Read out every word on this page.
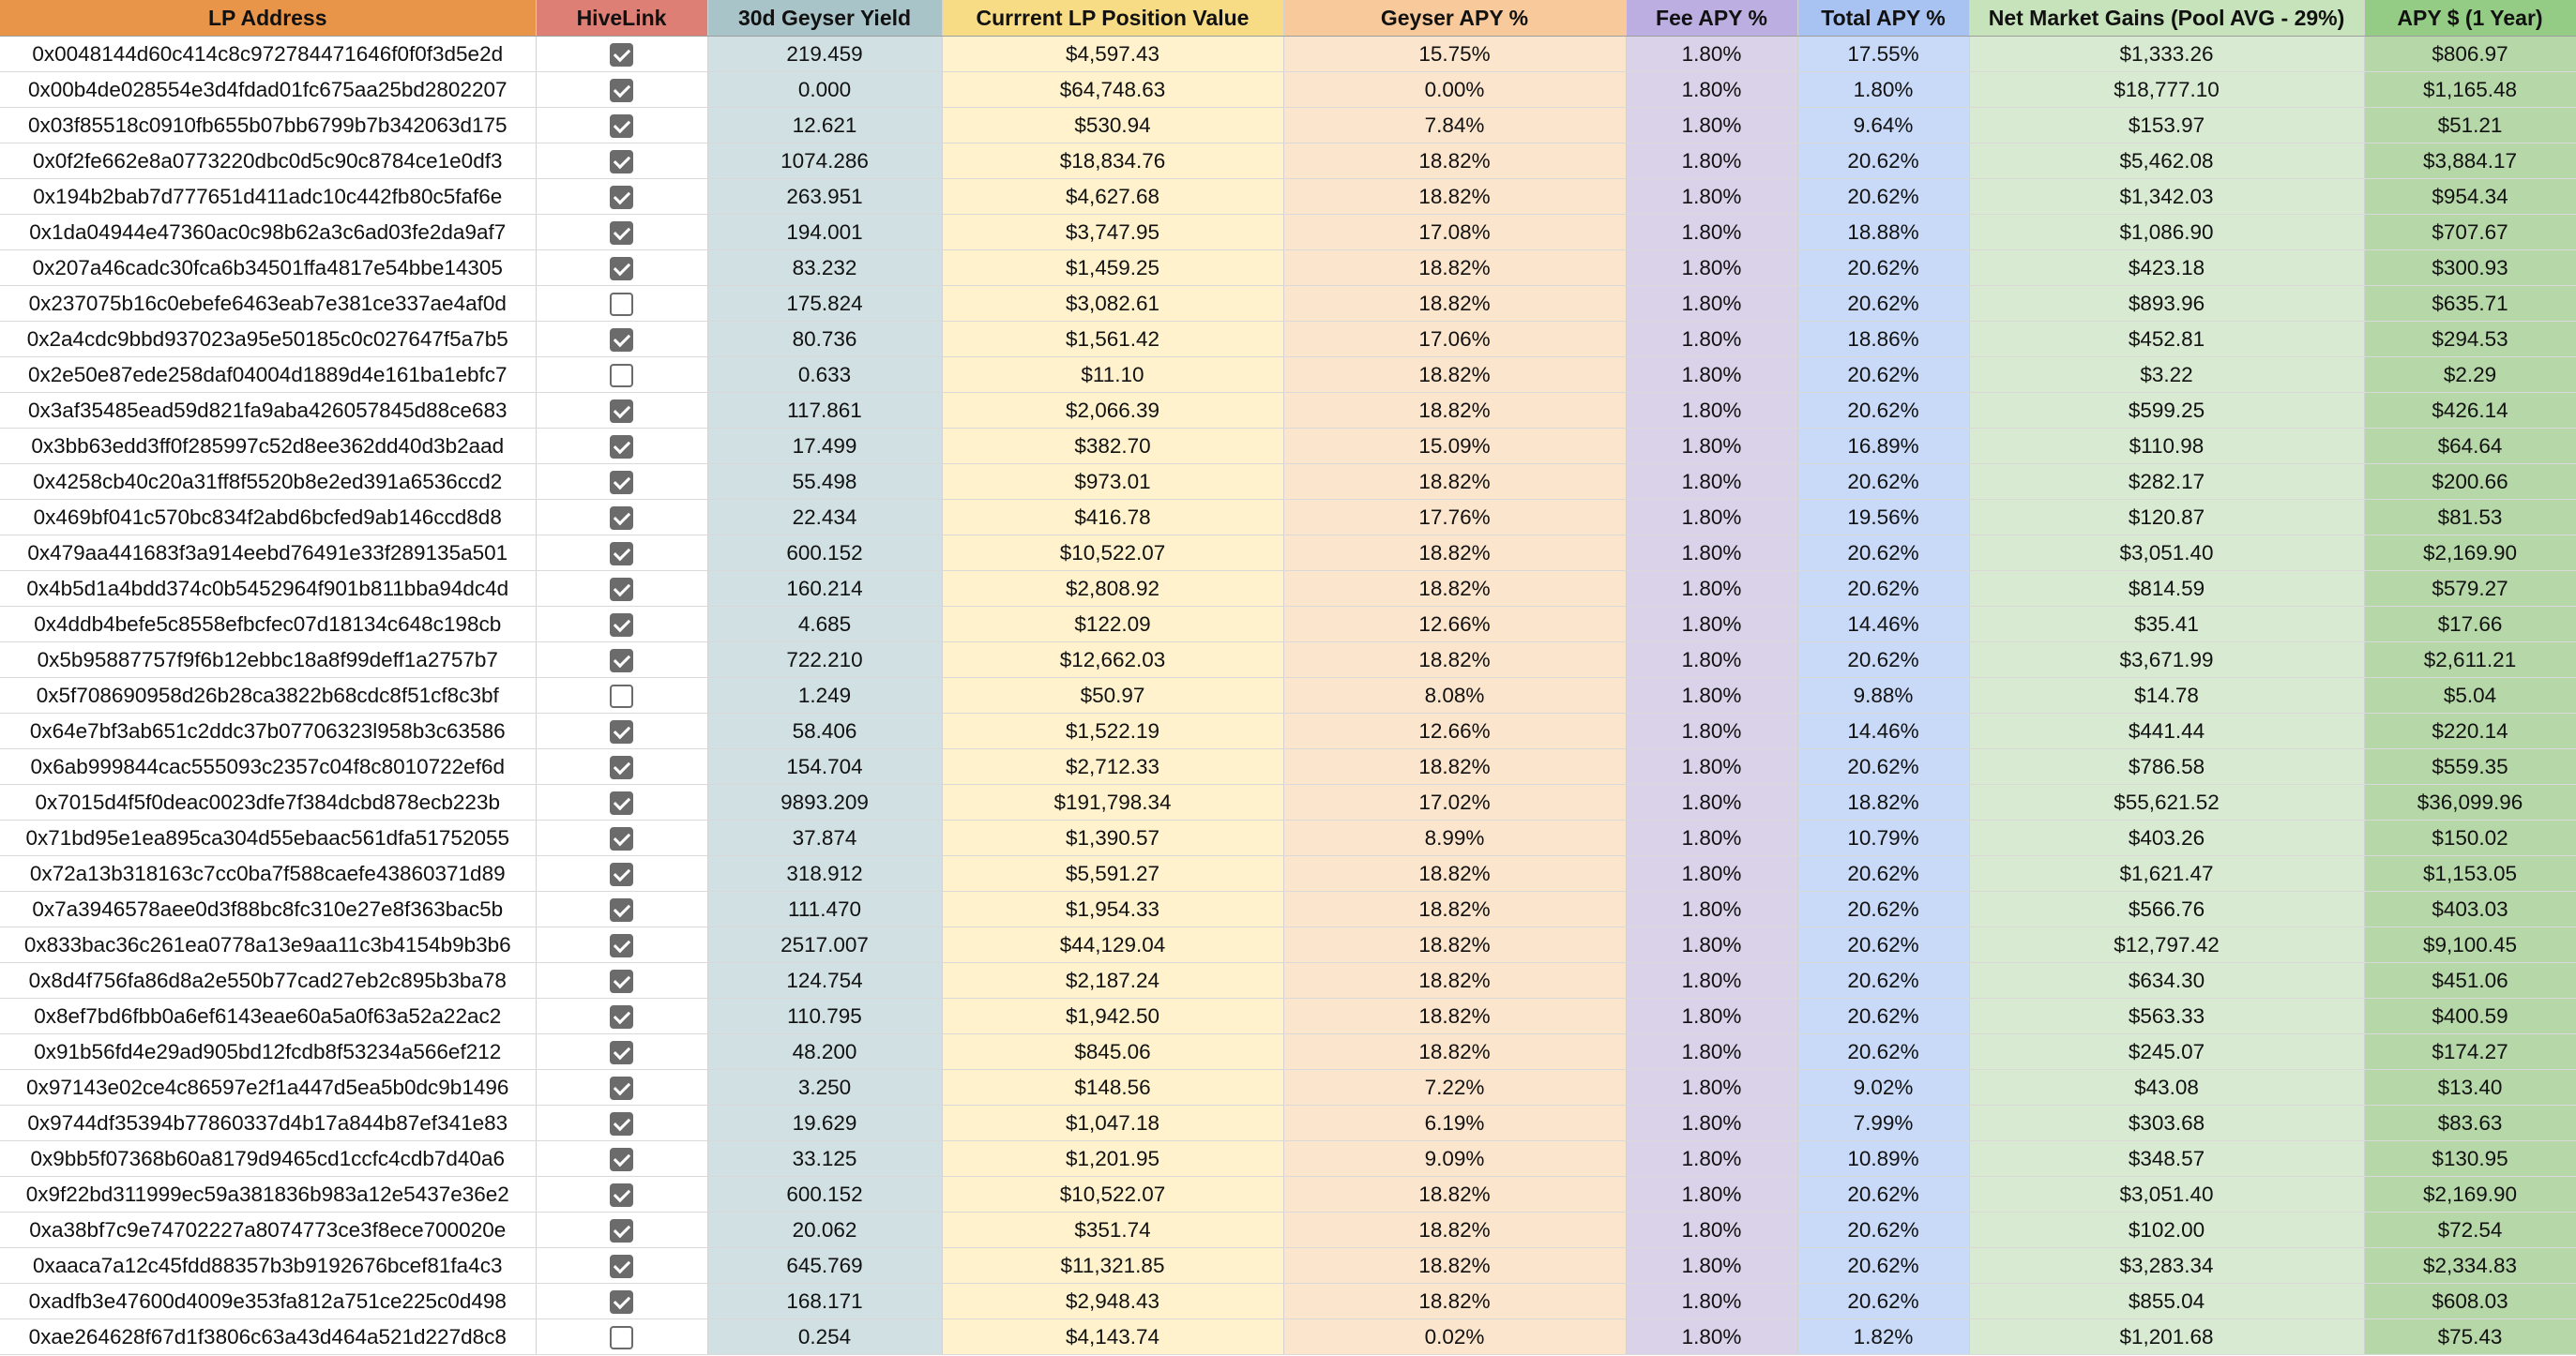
LP Address	HiveLink	30d Geyser Yield	Currrent LP Position Value	Geyser APY %	Fee APY %	Total APY %	Net Market Gains (Pool AVG - 29%)	APY $ (1 Year)
0x0048144d60c414c8c972784471646f0f0f3d5e2d		219.459	$4,597.43	15.75%	1.80%	17.55%	$1,333.26	$806.97
0x00b4de028554e3d4fdad01fc675aa25bd2802207		0.000	$64,748.63	0.00%	1.80%	1.80%	$18,777.10	$1,165.48
0x03f85518c0910fb655b07bb6799b7b342063d175		12.621	$530.94	7.84%	1.80%	9.64%	$153.97	$51.21
0x0f2fe662e8a0773220dbc0d5c90c8784ce1e0df3		1074.286	$18,834.76	18.82%	1.80%	20.62%	$5,462.08	$3,884.17
0x194b2bab7d777651d411adc10c442fb80c5faf6e		263.951	$4,627.68	18.82%	1.80%	20.62%	$1,342.03	$954.34
0x1da04944e47360ac0c98b62a3c6ad03fe2da9af7		194.001	$3,747.95	17.08%	1.80%	18.88%	$1,086.90	$707.67
0x207a46cadc30fca6b34501ffa4817e54bbe14305		83.232	$1,459.25	18.82%	1.80%	20.62%	$423.18	$300.93
0x237075b16c0ebefe6463eab7e381ce337ae4af0d		175.824	$3,082.61	18.82%	1.80%	20.62%	$893.96	$635.71
0x2a4cdc9bbd937023a95e50185c0c027647f5a7b5		80.736	$1,561.42	17.06%	1.80%	18.86%	$452.81	$294.53
0x2e50e87ede258daf04004d1889d4e161ba1ebfc7		0.633	$11.10	18.82%	1.80%	20.62%	$3.22	$2.29
0x3af35485ead59d821fa9aba426057845d88ce683		117.861	$2,066.39	18.82%	1.80%	20.62%	$599.25	$426.14
0x3bb63edd3ff0f285997c52d8ee362dd40d3b2aad		17.499	$382.70	15.09%	1.80%	16.89%	$110.98	$64.64
0x4258cb40c20a31ff8f5520b8e2ed391a6536ccd2		55.498	$973.01	18.82%	1.80%	20.62%	$282.17	$200.66
0x469bf041c570bc834f2abd6bcfed9ab146ccd8d8		22.434	$416.78	17.76%	1.80%	19.56%	$120.87	$81.53
0x479aa441683f3a914eebd76491e33f289135a501		600.152	$10,522.07	18.82%	1.80%	20.62%	$3,051.40	$2,169.90
0x4b5d1a4bdd374c0b5452964f901b811bba94dc4d		160.214	$2,808.92	18.82%	1.80%	20.62%	$814.59	$579.27
0x4ddb4befe5c8558efbcfec07d18134c648c198cb		4.685	$122.09	12.66%	1.80%	14.46%	$35.41	$17.66
0x5b95887757f9f6b12ebbc18a8f99deff1a2757b7		722.210	$12,662.03	18.82%	1.80%	20.62%	$3,671.99	$2,611.21
0x5f708690958d26b28ca3822b68cdc8f51cf8c3bf		1.249	$50.97	8.08%	1.80%	9.88%	$14.78	$5.04
0x64e7bf3ab651c2ddc37b07706323l958b3c63586		58.406	$1,522.19	12.66%	1.80%	14.46%	$441.44	$220.14
0x6ab999844cac555093c2357c04f8c8010722ef6d		154.704	$2,712.33	18.82%	1.80%	20.62%	$786.58	$559.35
0x7015d4f5f0deac0023dfe7f384dcbd878ecb223b		9893.209	$191,798.34	17.02%	1.80%	18.82%	$55,621.52	$36,099.96
0x71bd95e1ea895ca304d55ebaac561dfa51752055		37.874	$1,390.57	8.99%	1.80%	10.79%	$403.26	$150.02
0x72a13b318163c7cc0ba7f588caefe43860371d89		318.912	$5,591.27	18.82%	1.80%	20.62%	$1,621.47	$1,153.05
0x7a3946578aee0d3f88bc8fc310e27e8f363bac5b		111.470	$1,954.33	18.82%	1.80%	20.62%	$566.76	$403.03
0x833bac36c261ea0778a13e9aa11c3b4154b9b3b6		2517.007	$44,129.04	18.82%	1.80%	20.62%	$12,797.42	$9,100.45
0x8d4f756fa86d8a2e550b77cad27eb2c895b3ba78		124.754	$2,187.24	18.82%	1.80%	20.62%	$634.30	$451.06
0x8ef7bd6fbb0a6ef6143eae60a5a0f63a52a22ac2		110.795	$1,942.50	18.82%	1.80%	20.62%	$563.33	$400.59
0x91b56fd4e29ad905bd12fcdb8f53234a566ef212		48.200	$845.06	18.82%	1.80%	20.62%	$245.07	$174.27
0x97143e02ce4c86597e2f1a447d5ea5b0dc9b1496		3.250	$148.56	7.22%	1.80%	9.02%	$43.08	$13.40
0x9744df35394b77860337d4b17a844b87ef341e83		19.629	$1,047.18	6.19%	1.80%	7.99%	$303.68	$83.63
0x9bb5f07368b60a8179d9465cd1ccfc4cdb7d40a6		33.125	$1,201.95	9.09%	1.80%	10.89%	$348.57	$130.95
0x9f22bd311999ec59a381836b983a12e5437e36e2		600.152	$10,522.07	18.82%	1.80%	20.62%	$3,051.40	$2,169.90
0xa38bf7c9e74702227a8074773ce3f8ece700020e		20.062	$351.74	18.82%	1.80%	20.62%	$102.00	$72.54
0xaaca7a12c45fdd88357b3b9192676bcef81fa4c3		645.769	$11,321.85	18.82%	1.80%	20.62%	$3,283.34	$2,334.83
0xadfb3e47600d4009e353fa812a751ce225c0d498		168.171	$2,948.43	18.82%	1.80%	20.62%	$855.04	$608.03
0xae264628f67d1f3806c63a43d464a521d227d8c8		0.254	$4,143.74	0.02%	1.80%	1.82%	$1,201.68	$75.43
